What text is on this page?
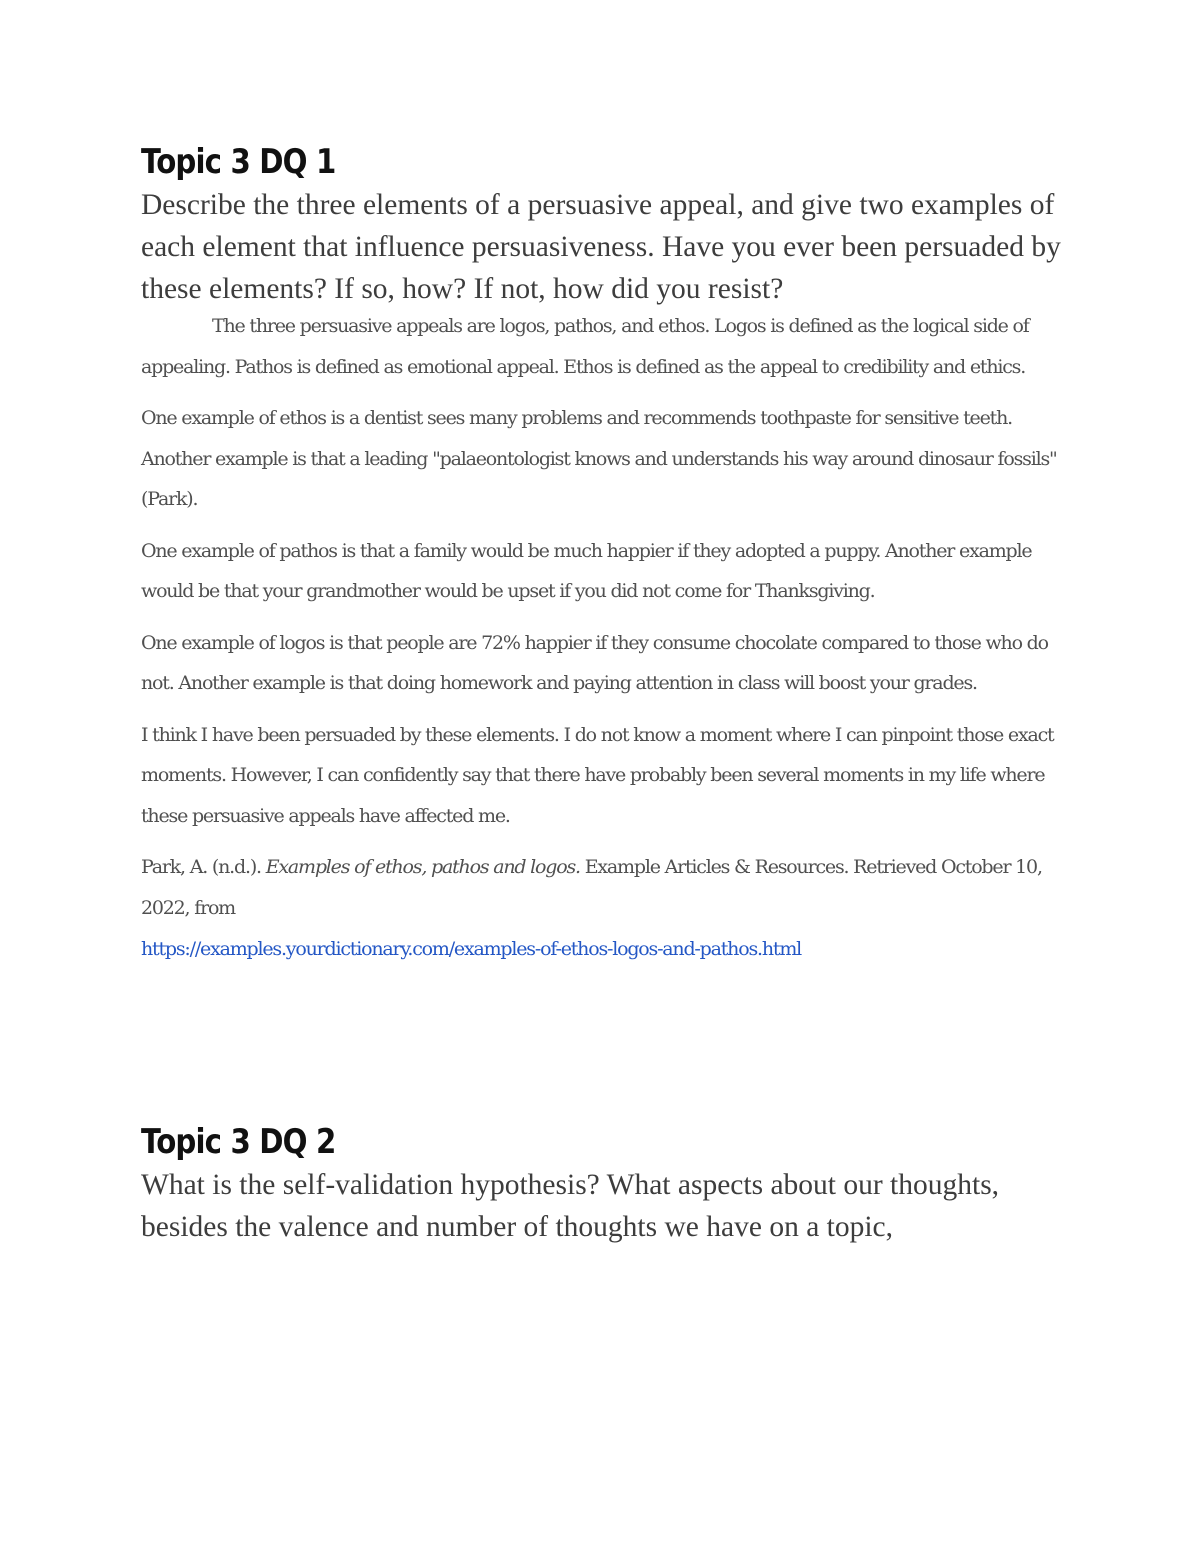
Topic 3 DQ 1

Describe the three elements of a persuasive appeal, and give two examples of each element that influence persuasiveness. Have you ever been persuaded by these elements? If so, how? If not, how did you resist?

The three persuasive appeals are logos, pathos, and ethos. Logos is defined as the logical side of appealing. Pathos is defined as emotional appeal. Ethos is defined as the appeal to credibility and ethics.

One example of ethos is a dentist sees many problems and recommends toothpaste for sensitive teeth. Another example is that a leading "palaeontologist knows and understands his way around dinosaur fossils" (Park).

One example of pathos is that a family would be much happier if they adopted a puppy. Another example would be that your grandmother would be upset if you did not come for Thanksgiving.

One example of logos is that people are 72% happier if they consume chocolate compared to those who do not. Another example is that doing homework and paying attention in class will boost your grades.

I think I have been persuaded by these elements. I do not know a moment where I can pinpoint those exact moments. However, I can confidently say that there have probably been several moments in my life where these persuasive appeals have affected me.

Park, A. (n.d.). Examples of ethos, pathos and logos. Example Articles & Resources. Retrieved October 10, 2022, from
https://examples.yourdictionary.com/examples-of-ethos-logos-and-pathos.html

Topic 3 DQ 2

What is the self-validation hypothesis? What aspects about our thoughts, besides the valence and number of thoughts we have on a topic,
